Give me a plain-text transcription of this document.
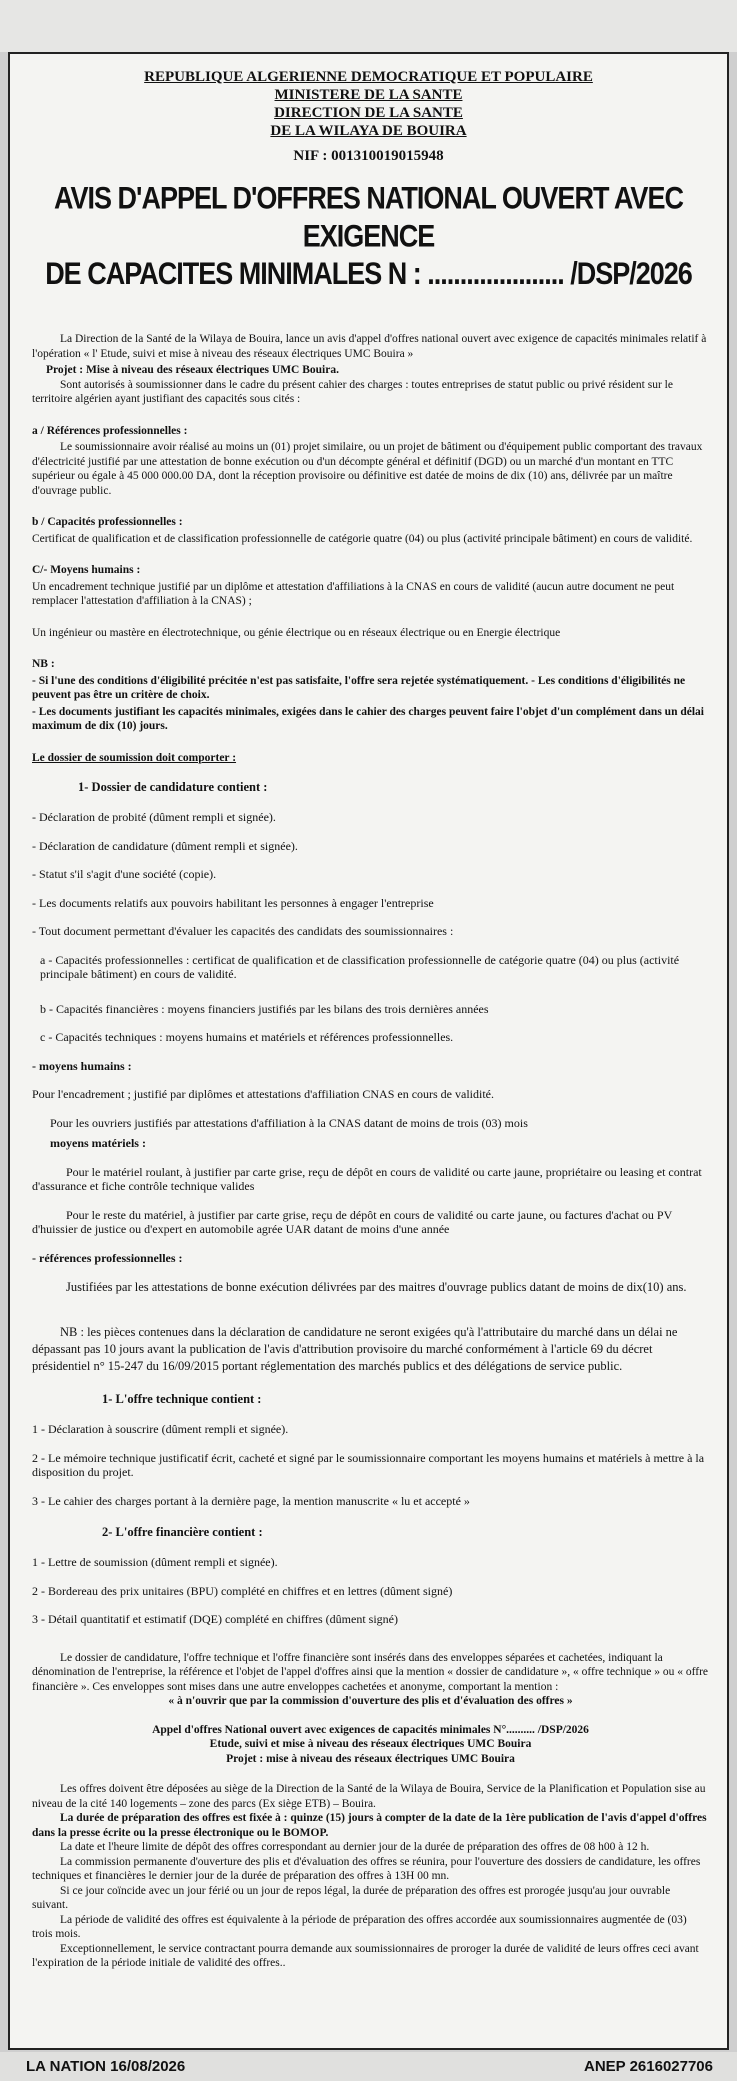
REPUBLIQUE ALGERIENNE DEMOCRATIQUE ET POPULAIRE
MINISTERE DE LA SANTE
DIRECTION DE LA SANTE
DE LA WILAYA DE BOUIRA
NIF : 001310019015948
AVIS D'APPEL D'OFFRES NATIONAL OUVERT AVEC EXIGENCE
DE CAPACITES MINIMALES N : ..................... /DSP/2026

La Direction de la Santé de la Wilaya de Bouira, lance un avis d'appel d'offres national ouvert avec exigence de capacités minimales relatif à l'opération « l' Etude, suivi et mise à niveau des réseaux électriques UMC Bouira »

Projet : Mise à niveau des réseaux électriques UMC Bouira.

Sont autorisés à soumissionner dans le cadre du présent cahier des charges : toutes entreprises de statut public ou privé résident sur le territoire algérien ayant justifiant des capacités sous cités :

a / Références professionnelles :

Le soumissionnaire avoir réalisé au moins un (01) projet similaire, ou un projet de bâtiment ou d'équipement public comportant des travaux d'électricité justifié par une attestation de bonne exécution ou d'un décompte général et définitif (DGD) ou un marché d'un montant en TTC supérieur ou égale à 45 000 000.00 DA, dont la réception provisoire ou définitive est datée de moins de dix (10) ans, délivrée par un maître d'ouvrage public.

b / Capacités professionnelles :

Certificat de qualification et de classification professionnelle de catégorie quatre (04) ou plus (activité principale bâtiment) en cours de validité.

C/- Moyens humains :

Un encadrement technique justifié par un diplôme et attestation d'affiliations à la CNAS en cours de validité (aucun autre document ne peut remplacer l'attestation d'affiliation à la CNAS) ;

Un ingénieur ou mastère en électrotechnique, ou génie électrique ou en réseaux électrique ou en Energie électrique

NB :

- Si l'une des conditions d'éligibilité précitée n'est pas satisfaite, l'offre sera rejetée systématiquement. - Les conditions d'éligibilités ne peuvent pas être un critère de choix.

- Les documents justifiant les capacités minimales, exigées dans le cahier des charges peuvent faire l'objet d'un complément dans un délai maximum de dix (10) jours.

Le dossier de soumission doit comporter :

1- Dossier de candidature contient :

- Déclaration de probité (dûment rempli et signée).

- Déclaration de candidature (dûment rempli et signée).

- Statut s'il s'agit d'une société (copie).

- Les documents relatifs aux pouvoirs habilitant les personnes à engager l'entreprise

- Tout document permettant d'évaluer les capacités des candidats des soumissionnaires :

a - Capacités professionnelles : certificat de qualification et de classification professionnelle de catégorie quatre (04) ou plus (activité principale bâtiment) en cours de validité.

b - Capacités financières : moyens financiers justifiés par les bilans des trois dernières années

c - Capacités techniques : moyens humains et matériels et références professionnelles.

- moyens humains :

Pour l'encadrement ; justifié par diplômes et attestations d'affiliation CNAS en cours de validité.

Pour les ouvriers justifiés par attestations d'affiliation à la CNAS datant de moins de trois (03) mois

moyens matériels :

Pour le matériel roulant, à justifier par carte grise, reçu de dépôt en cours de validité ou carte jaune, propriétaire ou leasing et contrat d'assurance et fiche contrôle technique valides

Pour le reste du matériel, à justifier par carte grise, reçu de dépôt en cours de validité ou carte jaune, ou factures d'achat ou PV d'huissier de justice ou d'expert en automobile agrée UAR datant de moins d'une année

- références professionnelles :

Justifiées par les attestations de bonne exécution délivrées par des maitres d'ouvrage publics datant de moins de dix(10) ans.

NB : les pièces contenues dans la déclaration de candidature ne seront exigées qu'à l'attributaire du marché dans un délai ne dépassant pas 10 jours avant la publication de l'avis d'attribution provisoire du marché conformément à l'article 69 du décret présidentiel n° 15-247 du 16/09/2015 portant réglementation des marchés publics et des délégations de service public.

1- L'offre technique contient :

1 - Déclaration à souscrire (dûment rempli et signée).

2 - Le mémoire technique justificatif écrit, cacheté et signé par le soumissionnaire comportant les moyens humains et matériels à mettre à la disposition du projet.

3 - Le cahier des charges portant à la dernière page, la mention manuscrite « lu et accepté »

2- L'offre financière contient :

1 - Lettre de soumission (dûment rempli et signée).

2 - Bordereau des prix unitaires (BPU) complété en chiffres et en lettres (dûment signé)

3 - Détail quantitatif et estimatif (DQE) complété en chiffres (dûment signé)

Le dossier de candidature, l'offre technique et l'offre financière sont insérés dans des enveloppes séparées et cachetées, indiquant la dénomination de l'entreprise, la référence et l'objet de l'appel d'offres ainsi que la mention « dossier de candidature », « offre technique » ou « offre financière ». Ces enveloppes sont mises dans une autre enveloppes cachetées et anonyme, comportant la mention :

« à n'ouvrir que par la commission d'ouverture des plis et d'évaluation des offres »

Appel d'offres National ouvert avec exigences de capacités minimales N°.......... /DSP/2026
Etude, suivi et mise à niveau des réseaux électriques UMC Bouira
Projet : mise à niveau des réseaux électriques UMC Bouira

Les offres doivent être déposées au siège de la Direction de la Santé de la Wilaya de Bouira, Service de la Planification et Population sise au niveau de la cité 140 logements – zone des parcs (Ex siège ETB) – Bouira.

La durée de préparation des offres est fixée à : quinze (15) jours à compter de la date de la 1ère publication de l'avis d'appel d'offres dans la presse écrite ou la presse électronique ou le BOMOP.

La date et l'heure limite de dépôt des offres correspondant au dernier jour de la durée de préparation des offres de 08 h00 à 12 h.

La commission permanente d'ouverture des plis et d'évaluation des offres se réunira, pour l'ouverture des dossiers de candidature, les offres techniques et financières le dernier jour de la durée de préparation des offres à 13H 00 mn.

Si ce jour coïncide avec un jour férié ou un jour de repos légal, la durée de préparation des offres est prorogée jusqu'au jour ouvrable suivant.

La période de validité des offres est équivalente à la période de préparation des offres accordée aux soumissionnaires augmentée de (03) trois mois.

Exceptionnellement, le service contractant pourra demande aux soumissionnaires de proroger la durée de validité de leurs offres ceci avant l'expiration de la période initiale de validité des offres..

LA NATION 16/08/2026	ANEP 2616027706
